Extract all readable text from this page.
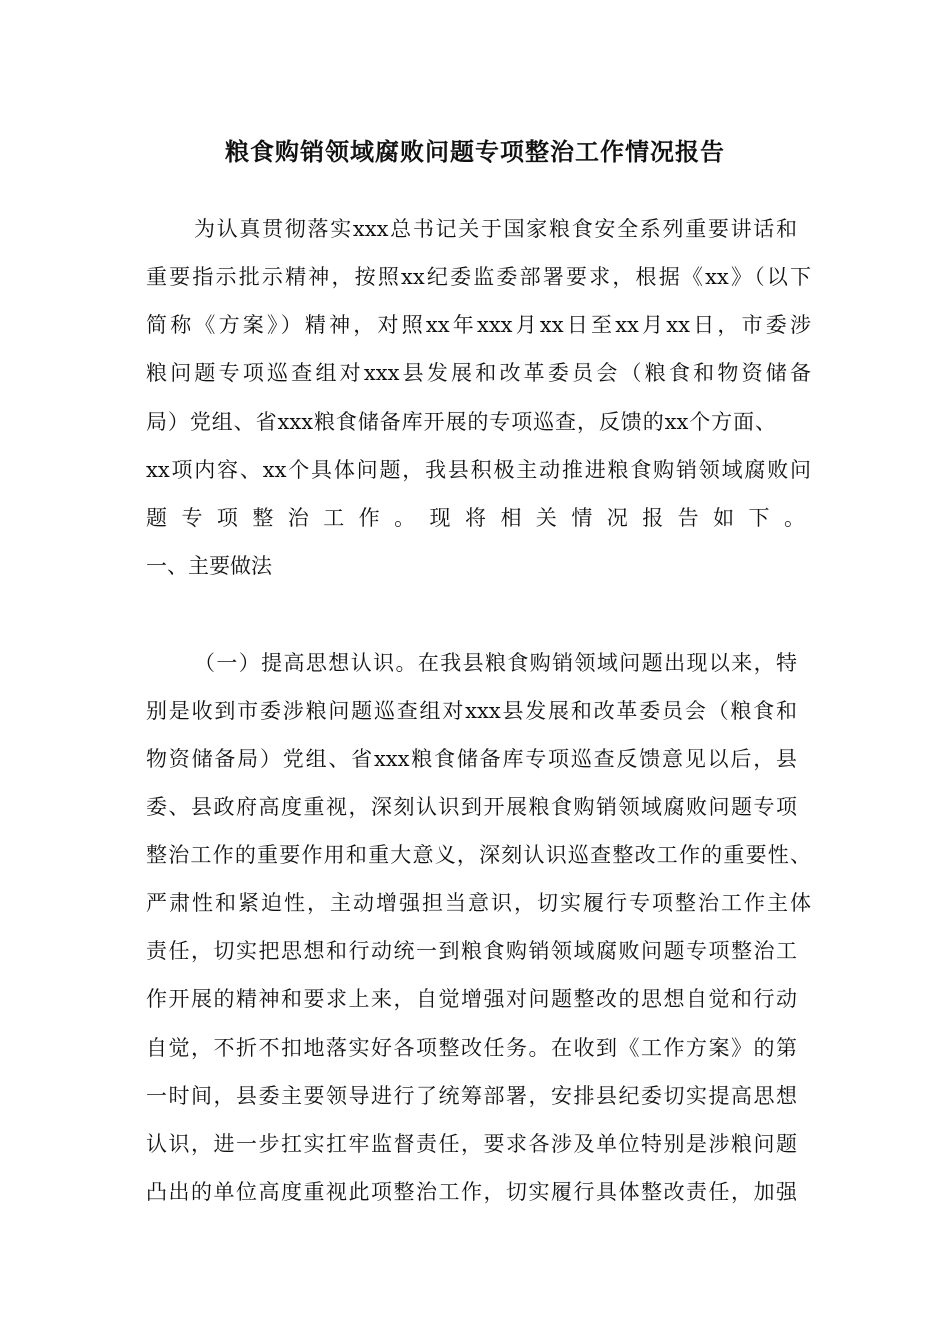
粮食购销领域腐败问题专项整治工作情况报告
为认真贯彻落实xxx总书记关于国家粮食安全系列重要讲话和
重要指示批示精神，按照xx纪委监委部署要求，根据《xx》（以下
简称《方案》）精神，对照xx年xxx月xx日至xx月xx日，市委涉
粮问题专项巡查组对xxx县发展和改革委员会（粮食和物资储备
局）党组、省xxx粮食储备库开展的专项巡查，反馈的xx个方面、
xx项内容、xx个具体问题，我县积极主动推进粮食购销领域腐败问
题专项整治工作。现将相关情况报告如下。
一、主要做法
（一）提高思想认识。在我县粮食购销领域问题出现以来，特
别是收到市委涉粮问题巡查组对xxx县发展和改革委员会（粮食和
物资储备局）党组、省xxx粮食储备库专项巡查反馈意见以后，县
委、县政府高度重视，深刻认识到开展粮食购销领域腐败问题专项
整治工作的重要作用和重大意义，深刻认识巡查整改工作的重要性、
严肃性和紧迫性，主动增强担当意识，切实履行专项整治工作主体
责任，切实把思想和行动统一到粮食购销领域腐败问题专项整治工
作开展的精神和要求上来，自觉增强对问题整改的思想自觉和行动
自觉，不折不扣地落实好各项整改任务。在收到《工作方案》的第
一时间，县委主要领导进行了统筹部署，安排县纪委切实提高思想
认识，进一步扛实扛牢监督责任，要求各涉及单位特别是涉粮问题
凸出的单位高度重视此项整治工作，切实履行具体整改责任，加强
